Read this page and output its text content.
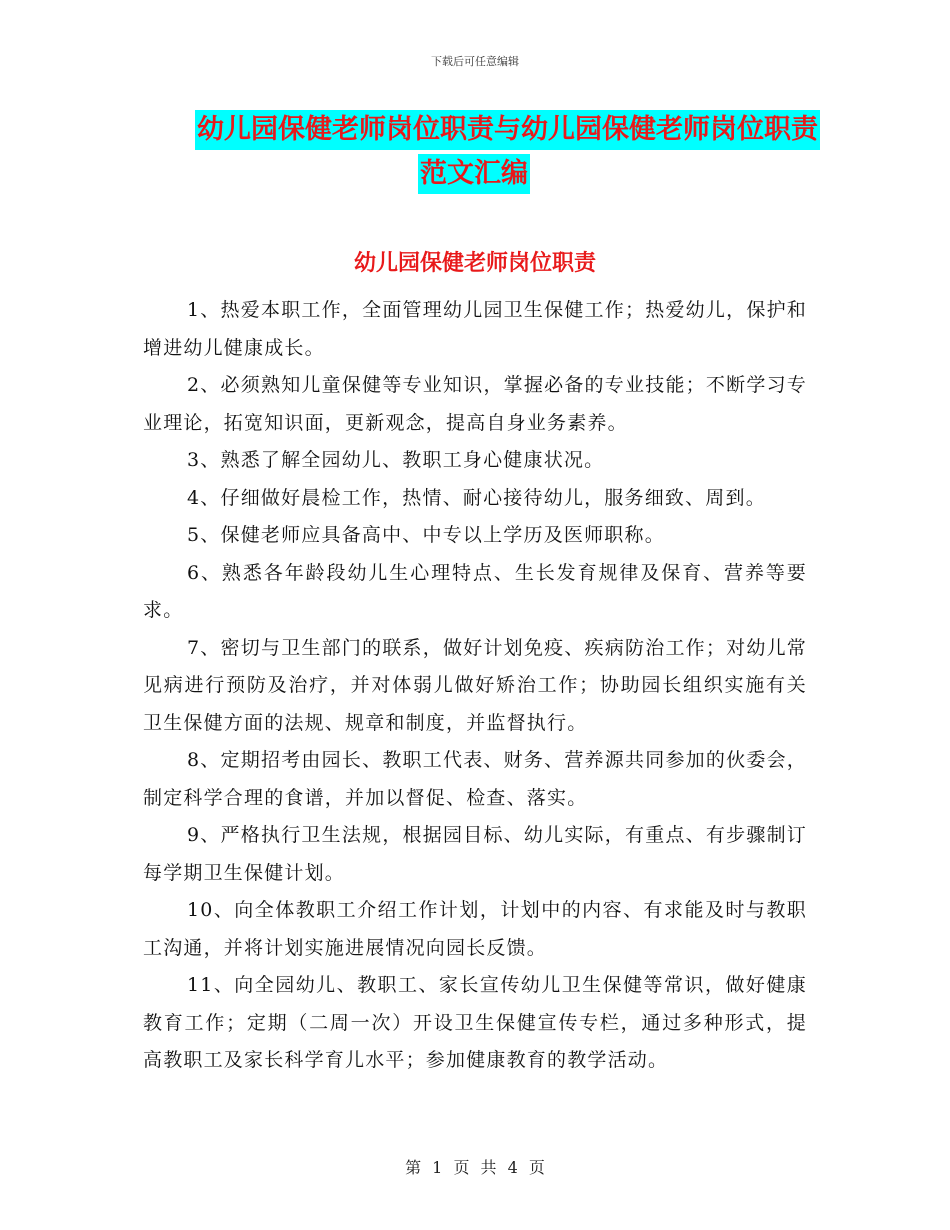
下载后可任意编辑
幼儿园保健老师岗位职责与幼儿园保健老师岗位职责
范文汇编
幼儿园保健老师岗位职责

1、热爱本职工作，全面管理幼儿园卫生保健工作；热爱幼儿，保护和增进幼儿健康成长。

2、必须熟知儿童保健等专业知识，掌握必备的专业技能；不断学习专业理论，拓宽知识面，更新观念，提高自身业务素养。

3、熟悉了解全园幼儿、教职工身心健康状况。

4、仔细做好晨检工作，热情、耐心接待幼儿，服务细致、周到。

5、保健老师应具备高中、中专以上学历及医师职称。

6、熟悉各年龄段幼儿生心理特点、生长发育规律及保育、营养等要求。

7、密切与卫生部门的联系，做好计划免疫、疾病防治工作；对幼儿常见病进行预防及治疗，并对体弱儿做好矫治工作；协助园长组织实施有关卫生保健方面的法规、规章和制度，并监督执行。

8、定期招考由园长、教职工代表、财务、营养源共同参加的伙委会，制定科学合理的食谱，并加以督促、检查、落实。

9、严格执行卫生法规，根据园目标、幼儿实际，有重点、有步骤制订每学期卫生保健计划。

10、向全体教职工介绍工作计划，计划中的内容、有求能及时与教职工沟通，并将计划实施进展情况向园长反馈。

11、向全园幼儿、教职工、家长宣传幼儿卫生保健等常识，做好健康教育工作；定期（二周一次）开设卫生保健宣传专栏，通过多种形式，提高教职工及家长科学育儿水平；参加健康教育的教学活动。

第 1 页 共 4 页
